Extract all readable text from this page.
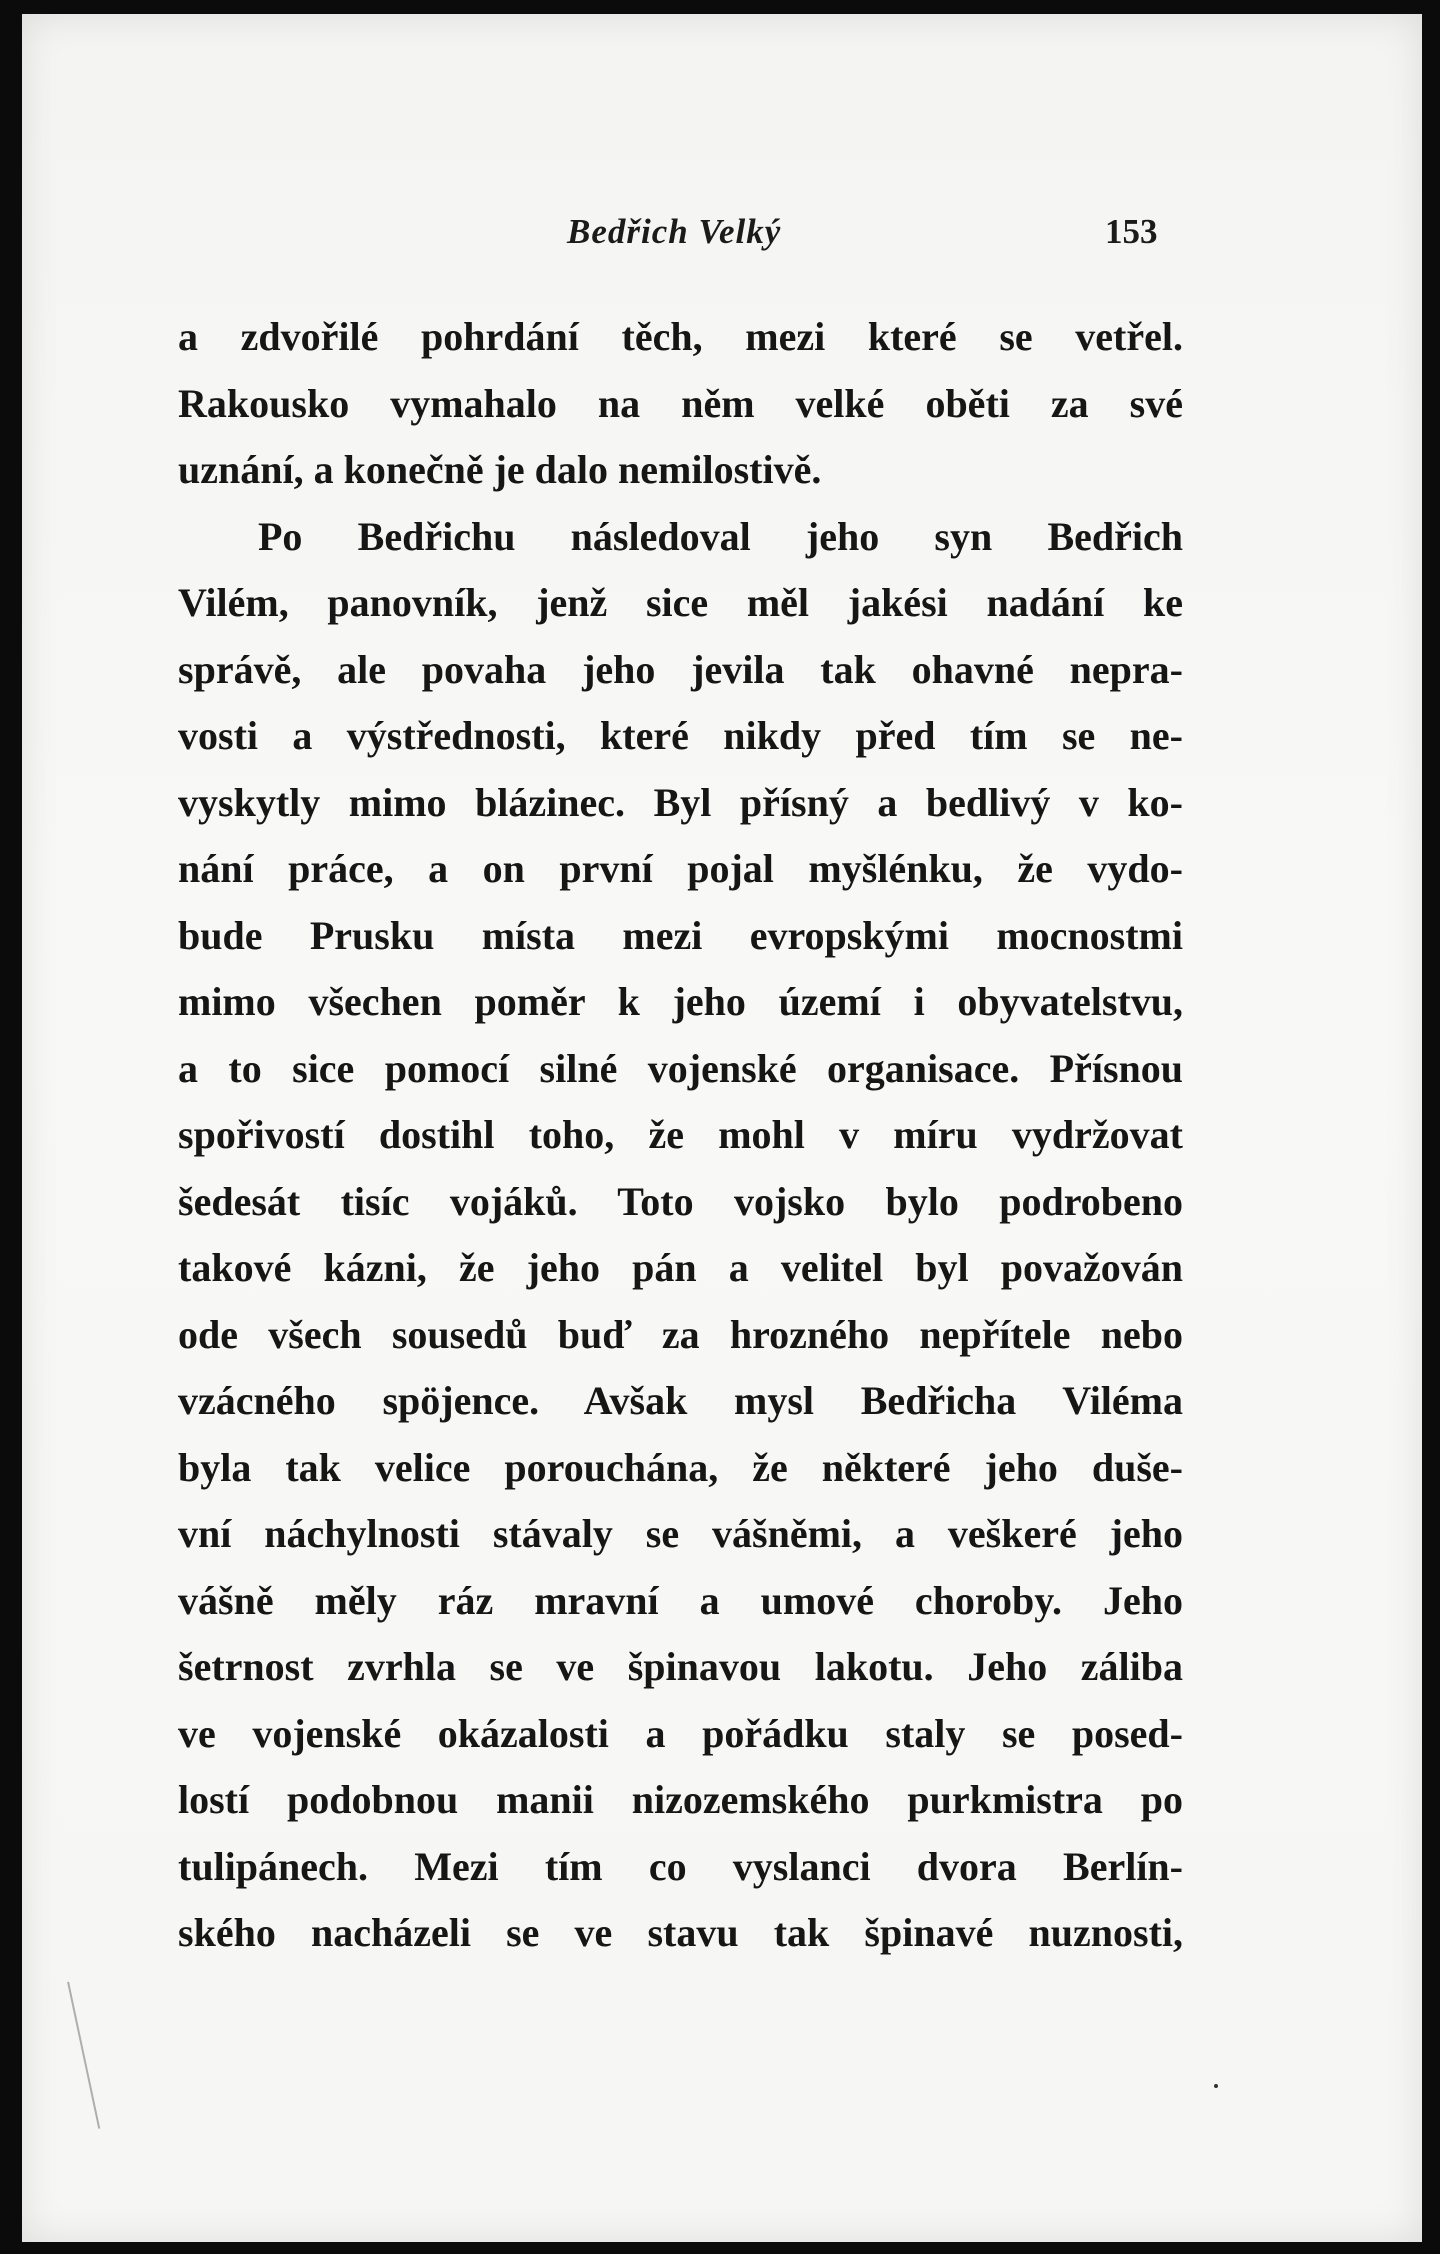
Bedřich Velký	153
a zdvořilé pohrdání těch, mezi které se vetřel.
Rakousko vymahalo na něm velké oběti za své
uznání, a konečně je dalo nemilostivě.
Po Bedřichu následoval jeho syn Bedřich
Vilém, panovník, jenž sice měl jakési nadání ke
správě, ale povaha jeho jevila tak ohavné nepra-
vosti a výstřednosti, které nikdy před tím se ne-
vyskytly mimo blázinec. Byl přísný a bedlivý v ko-
nání práce, a on první pojal myšlénku, že vydo-
bude Prusku místa mezi evropskými mocnostmi
mimo všechen poměr k jeho území i obyvatelstvu,
a to sice pomocí silné vojenské organisace. Přísnou
spořivostí dostihl toho, že mohl v míru vydržovat
šedesát tisíc vojáků. Toto vojsko bylo podrobeno
takové kázni, že jeho pán a velitel byl považován
ode všech sousedů buď za hrozného nepřítele nebo
vzácného spöjence. Avšak mysl Bedřicha Viléma
byla tak velice porouchána, že některé jeho duše-
vní náchylnosti stávaly se vášněmi, a veškeré jeho
vášně měly ráz mravní a umové choroby. Jeho
šetrnost zvrhla se ve špinavou lakotu. Jeho záliba
ve vojenské okázalosti a pořádku staly se posed-
lostí podobnou manii nizozemského purkmistra po
tulipánech. Mezi tím co vyslanci dvora Berlín-
ského nacházeli se ve stavu tak špinavé nuznosti,
